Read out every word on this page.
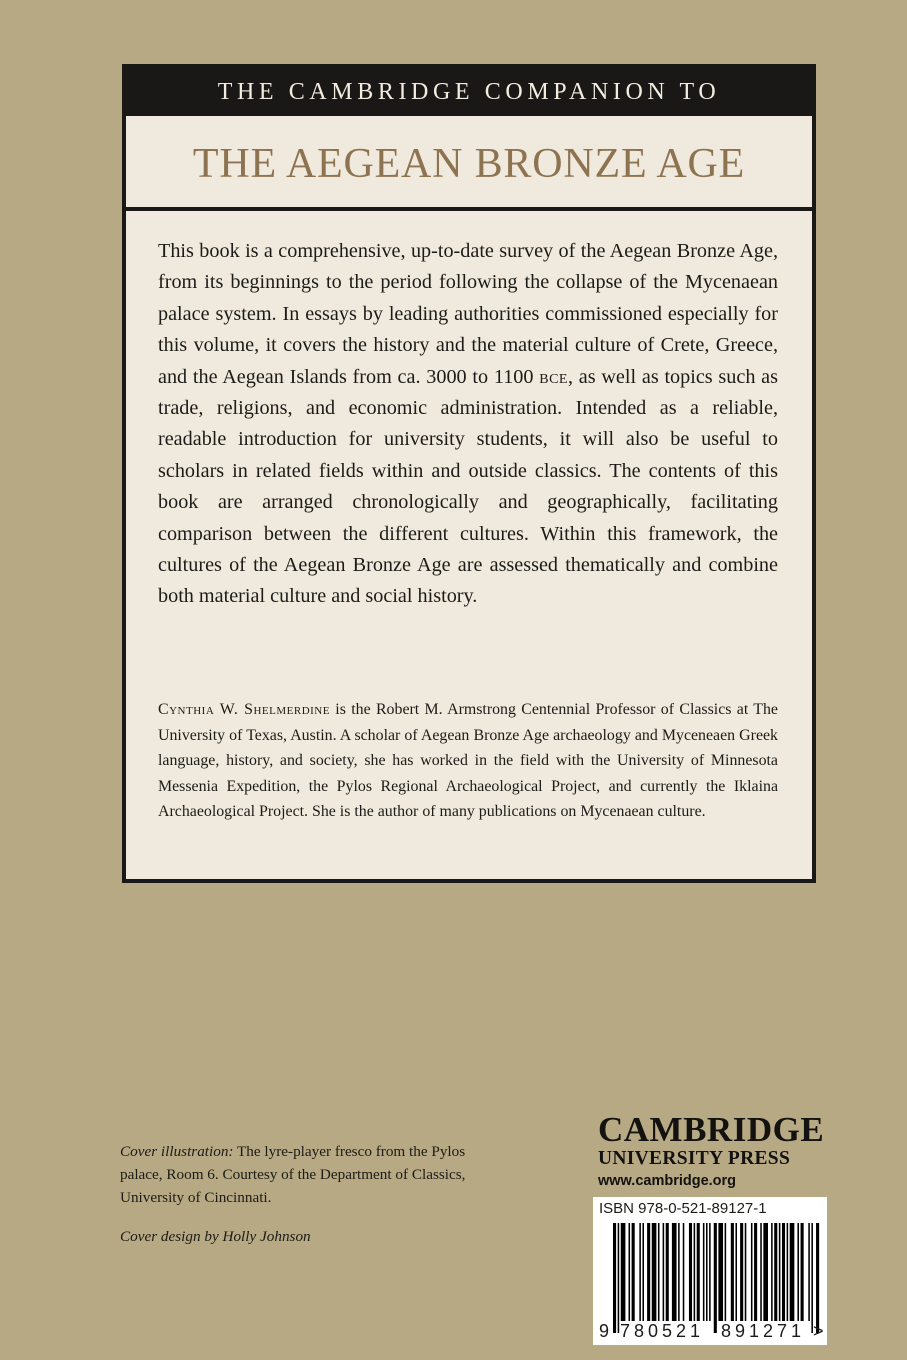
THE CAMBRIDGE COMPANION TO
THE AEGEAN BRONZE AGE

This book is a comprehensive, up-to-date survey of the Aegean Bronze Age, from its beginnings to the period following the collapse of the Mycenaean palace system. In essays by leading authorities commissioned especially for this volume, it covers the history and the material culture of Crete, Greece, and the Aegean Islands from ca. 3000 to 1100 bce, as well as topics such as trade, religions, and economic administration. Intended as a reliable, readable introduction for university students, it will also be useful to scholars in related fields within and outside classics. The contents of this book are arranged chronologically and geographically, facilitating comparison between the different cultures. Within this framework, the cultures of the Aegean Bronze Age are assessed thematically and combine both material culture and social history.

Cynthia W. Shelmerdine is the Robert M. Armstrong Centennial Professor of Classics at The University of Texas, Austin. A scholar of Aegean Bronze Age archaeology and Myceneaen Greek language, history, and society, she has worked in the field with the University of Minnesota Messenia Expedition, the Pylos Regional Archaeological Project, and currently the Iklaina Archaeological Project. She is the author of many publications on Mycenaean culture.

Cover illustration: The lyre-player fresco from the Pylos palace, Room 6. Courtesy of the Department of Classics, University of Cincinnati.

Cover design by Holly Johnson
CAMBRIDGE
UNIVERSITY PRESS
www.cambridge.org
ISBN 978-0-521-89127-1
9 7 8 0 5 2 1 8 9 1 2 7 1 >
